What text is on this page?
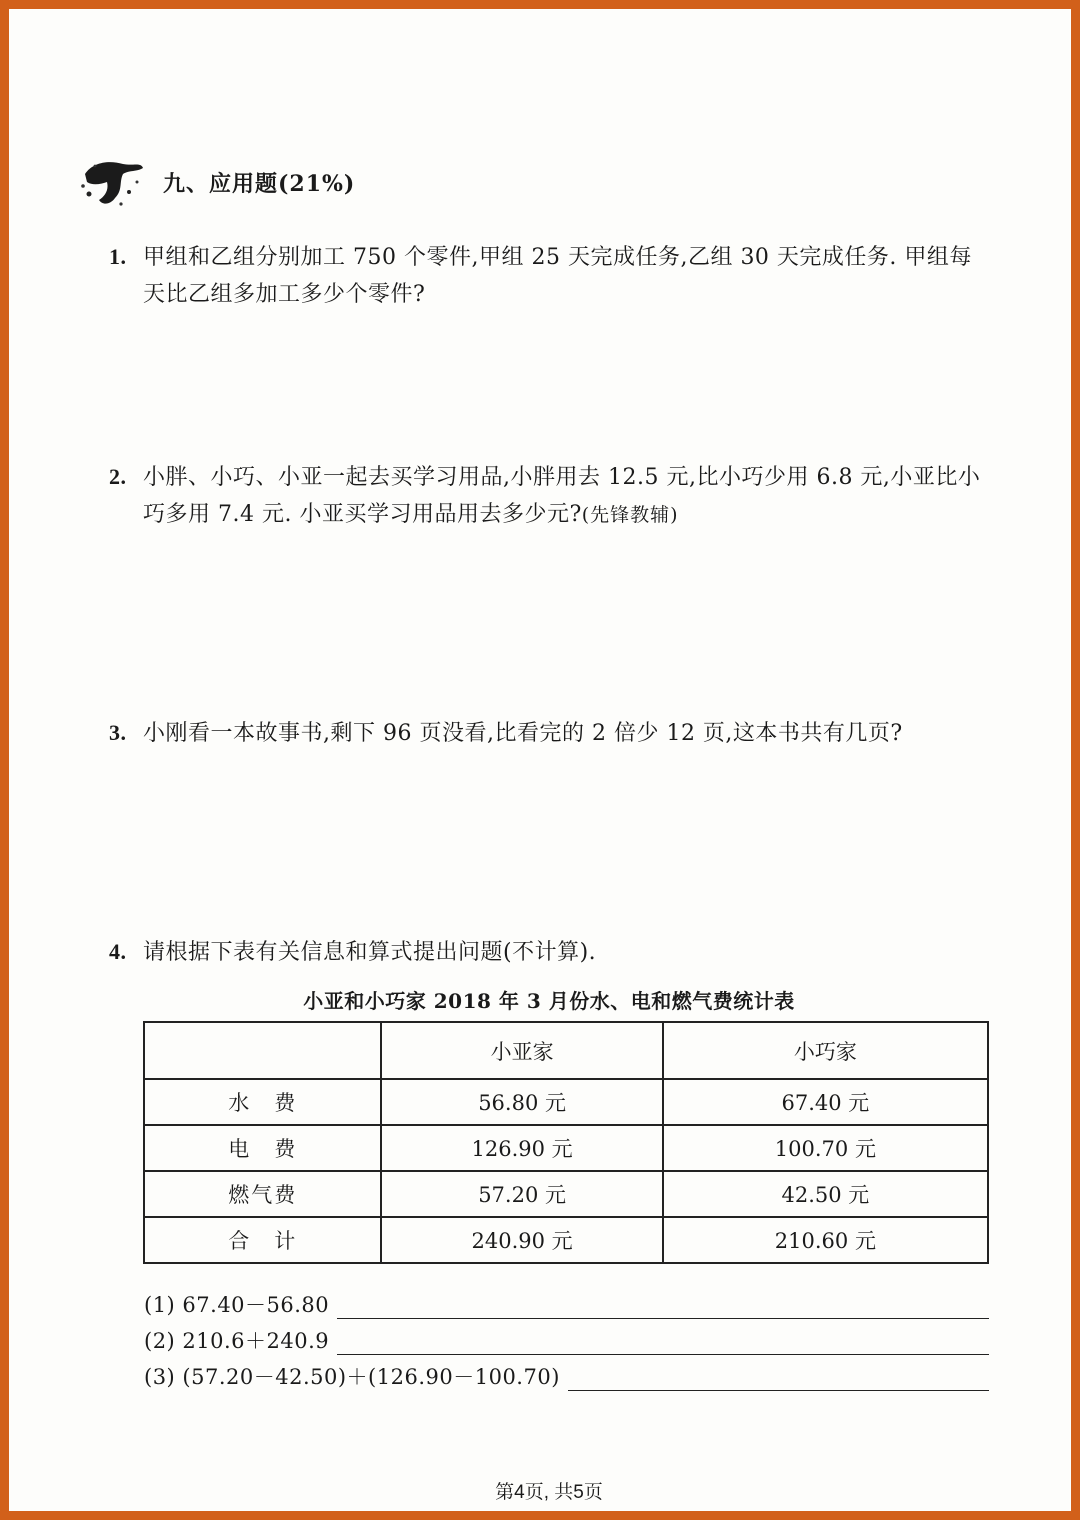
九、应用题(21%)
1. 甲组和乙组分别加工 750 个零件,甲组 25 天完成任务,乙组 30 天完成任务. 甲组每
天比乙组多加工多少个零件?
2. 小胖、小巧、小亚一起去买学习用品,小胖用去 12.5 元,比小巧少用 6.8 元,小亚比小
巧多用 7.4 元. 小亚买学习用品用去多少元?(先锋教辅)
3. 小刚看一本故事书,剩下 96 页没看,比看完的 2 倍少 12 页,这本书共有几页?
4. 请根据下表有关信息和算式提出问题(不计算).
小亚和小巧家 2018 年 3 月份水、电和燃气费统计表
	小亚家	小巧家
水　费	56.80 元	67.40 元
电　费	126.90 元	100.70 元
燃气费	57.20 元	42.50 元
合　计	240.90 元	210.60 元
(1) 67.40－56.80
(2) 210.6＋240.9
(3) (57.20－42.50)＋(126.90－100.70)
第4页, 共5页
